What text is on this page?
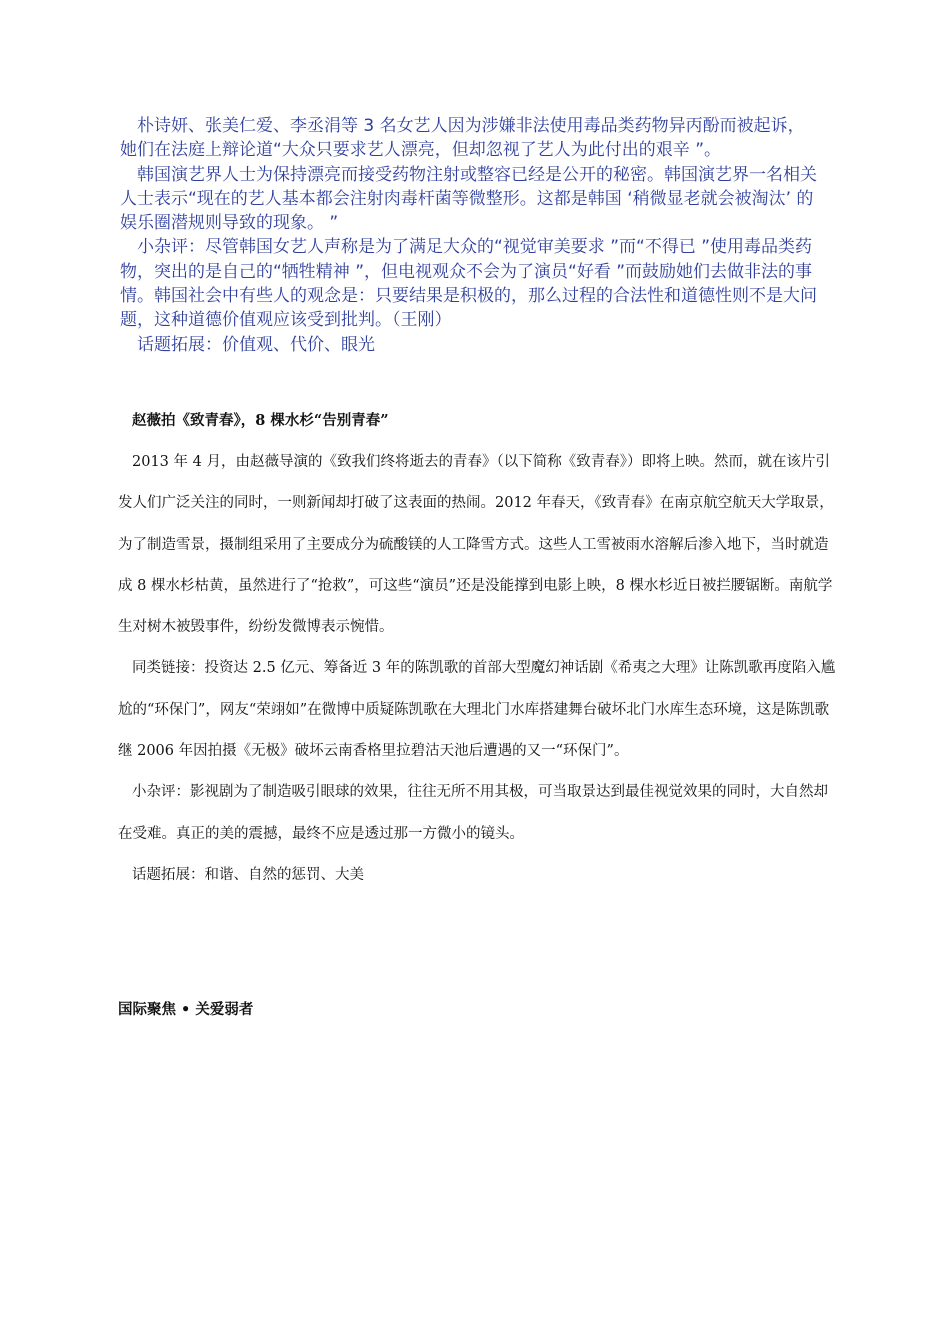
　朴诗妍、张美仁爱、李丞涓等 3 名女艺人因为涉嫌非法使用毒品类药物异丙酚而被起诉，她们在法庭上辩论道“大众只要求艺人漂亮，但却忽视了艺人为此付出的艰辛 ”。

　韩国演艺界人士为保持漂亮而接受药物注射或整容已经是公开的秘密。韩国演艺界一名相关人士表示“现在的艺人基本都会注射肉毒杆菌等微整形。这都是韩国 ‘稍微显老就会被淘汰’ 的娱乐圈潜规则导致的现象。 ”

　小杂评：尽管韩国女艺人声称是为了满足大众的“视觉审美要求 ”而“不得已 ”使用毒品类药物，突出的是自己的“牺牲精神 ”，但电视观众不会为了演员“好看 ”而鼓励她们去做非法的事情。韩国社会中有些人的观念是：只要结果是积极的，那么过程的合法性和道德性则不是大问题，这种道德价值观应该受到批判。（王刚）

　话题拓展：价值观、代价、眼光

赵薇拍《致青春》，8 棵水杉“告别青春”

2013 年 4 月，由赵薇导演的《致我们终将逝去的青春》（以下简称《致青春》）即将上映。然而，就在该片引发人们广泛关注的同时，一则新闻却打破了这表面的热闹。2012 年春天，《致青春》在南京航空航天大学取景，为了制造雪景，摄制组采用了主要成分为硫酸镁的人工降雪方式。这些人工雪被雨水溶解后渗入地下，当时就造成 8 棵水杉枯黄，虽然进行了“抢救”，可这些“演员”还是没能撑到电影上映，8 棵水杉近日被拦腰锯断。南航学生对树木被毁事件，纷纷发微博表示惋惜。

同类链接：投资达 2.5 亿元、筹备近 3 年的陈凯歌的首部大型魔幻神话剧《希夷之大理》让陈凯歌再度陷入尴尬的“环保门”，网友“荣翊如”在微博中质疑陈凯歌在大理北门水库搭建舞台破坏北门水库生态环境，这是陈凯歌继 2006 年因拍摄《无极》破坏云南香格里拉碧沽天池后遭遇的又一“环保门”。

小杂评：影视剧为了制造吸引眼球的效果，往往无所不用其极，可当取景达到最佳视觉效果的同时，大自然却在受难。真正的美的震撼，最终不应是透过那一方微小的镜头。

话题拓展：和谐、自然的惩罚、大美

国际聚焦 • 关爱弱者
